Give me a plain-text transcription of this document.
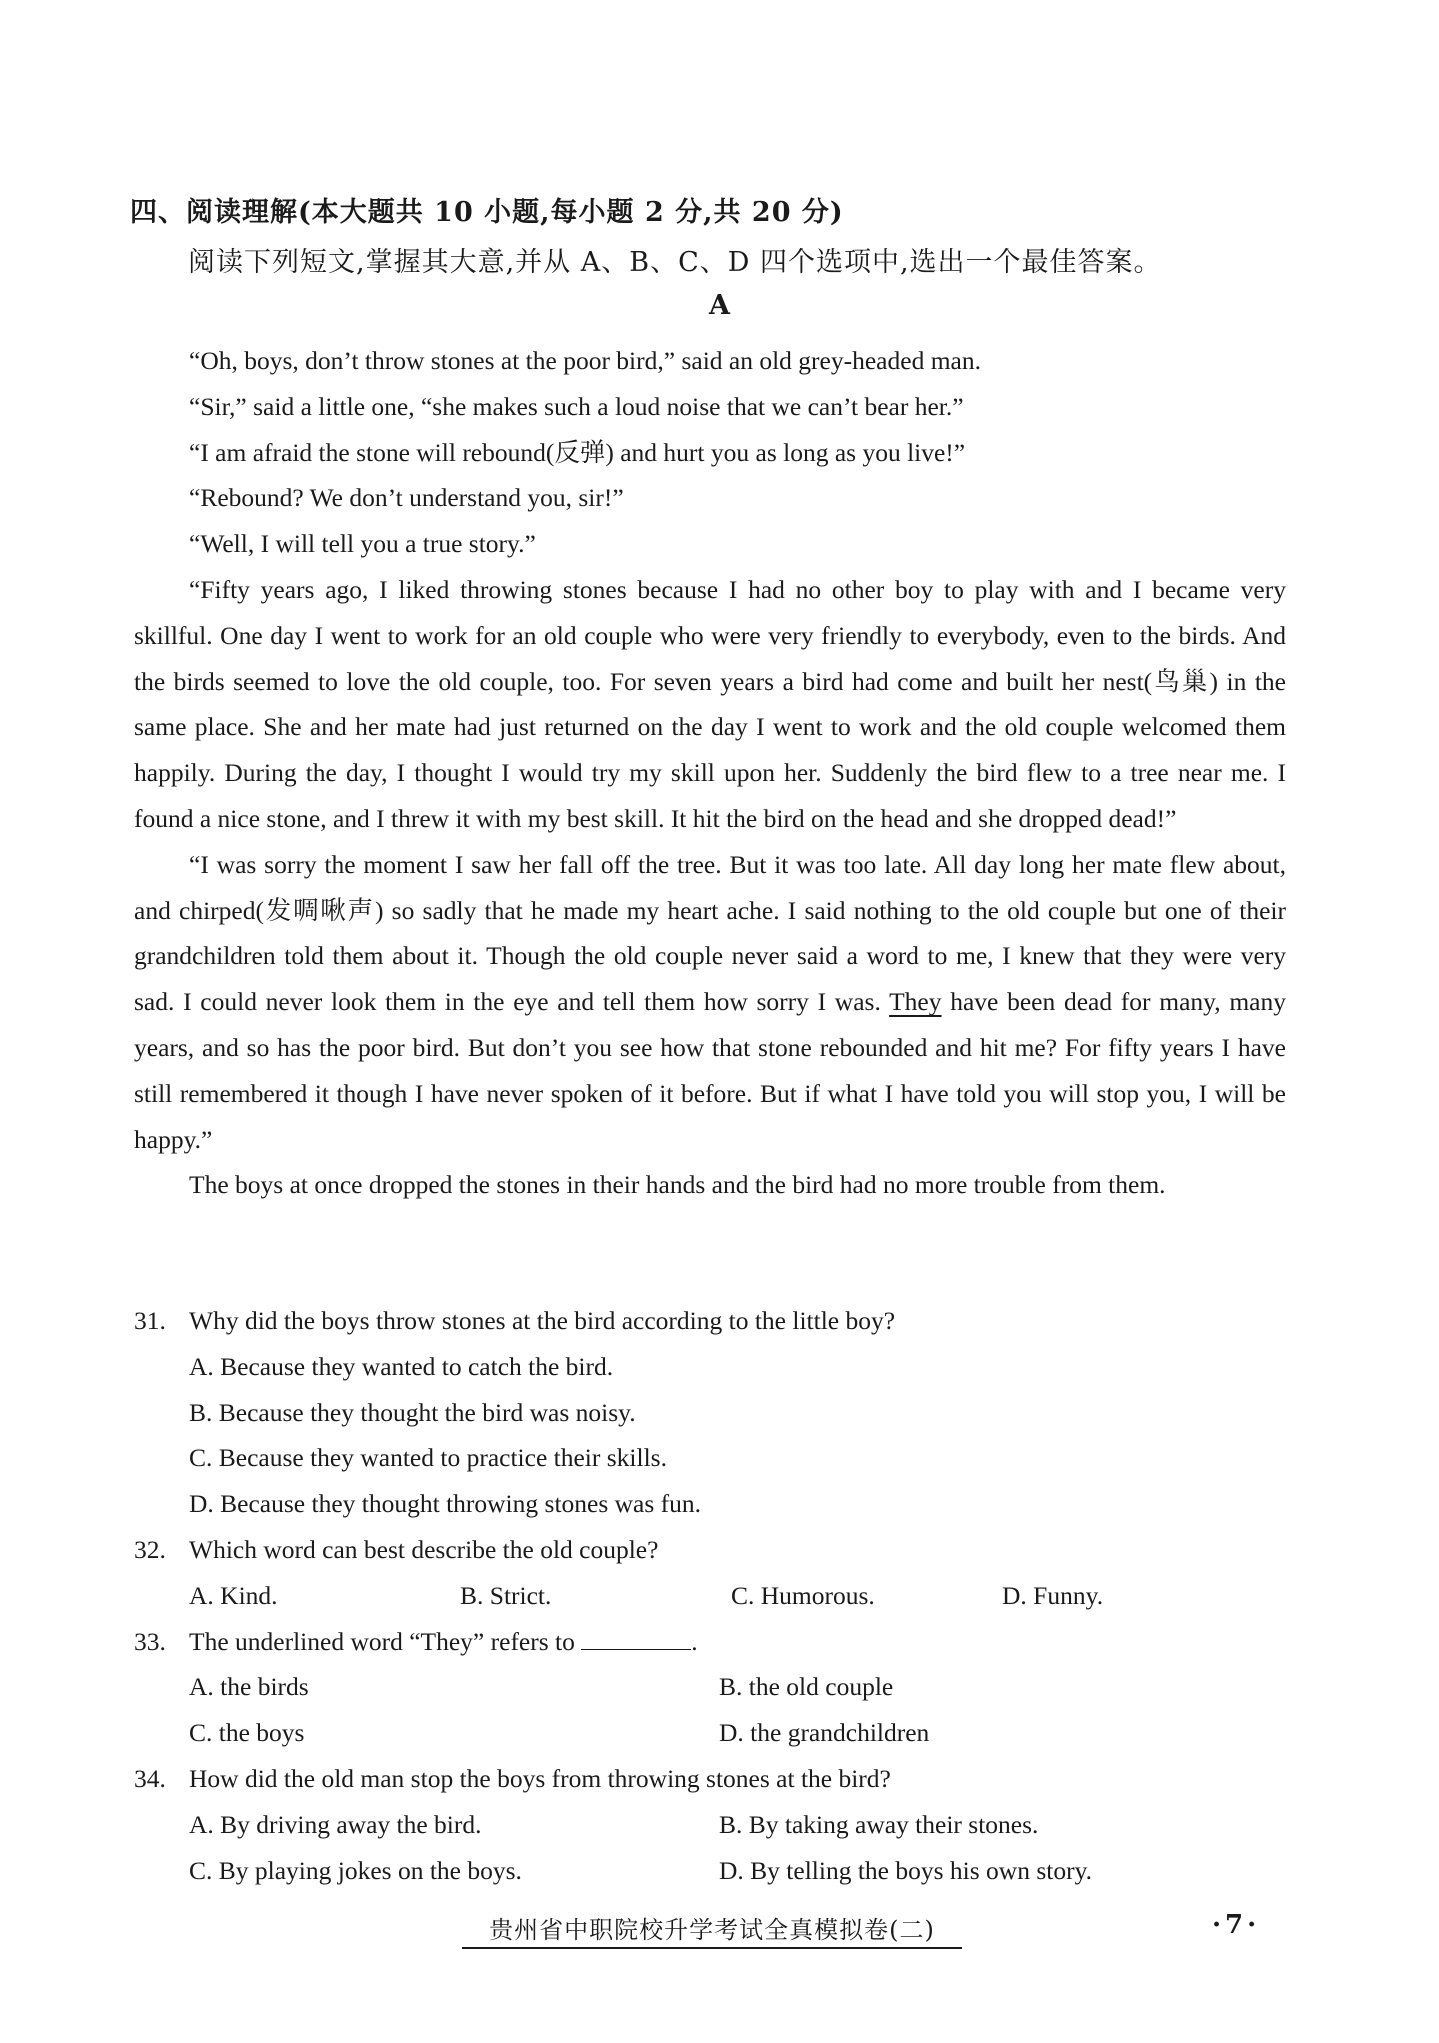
四、阅读理解(本大题共 10 小题,每小题 2 分,共 20 分)
阅读下列短文,掌握其大意,并从 A、B、C、D 四个选项中,选出一个最佳答案。
A

“Oh, boys, don’t throw stones at the poor bird,” said an old grey-headed man.

“Sir,” said a little one, “she makes such a loud noise that we can’t bear her.”

“I am afraid the stone will rebound(反弹) and hurt you as long as you live!”

“Rebound? We don’t understand you, sir!”

“Well, I will tell you a true story.”

“Fifty years ago, I liked throwing stones because I had no other boy to play with and I became very skillful. One day I went to work for an old couple who were very friendly to everybody, even to the birds. And the birds seemed to love the old couple, too. For seven years a bird had come and built her nest(鸟巢) in the same place. She and her mate had just returned on the day I went to work and the old couple welcomed them happily. During the day, I thought I would try my skill upon her. Suddenly the bird flew to a tree near me. I found a nice stone, and I threw it with my best skill. It hit the bird on the head and she dropped dead!”

“I was sorry the moment I saw her fall off the tree. But it was too late. All day long her mate flew about, and chirped(发啁啾声) so sadly that he made my heart ache. I said nothing to the old couple but one of their grandchildren told them about it. Though the old couple never said a word to me, I knew that they were very sad. I could never look them in the eye and tell them how sorry I was. They have been dead for many, many years, and so has the poor bird. But don’t you see how that stone rebounded and hit me? For fifty years I have still remembered it though I have never spoken of it before. But if what I have told you will stop you, I will be happy.”

The boys at once dropped the stones in their hands and the bird had no more trouble from them.

31. Why did the boys throw stones at the bird according to the little boy?
A. Because they wanted to catch the bird.
B. Because they thought the bird was noisy.
C. Because they wanted to practice their skills.
D. Because they thought throwing stones was fun.
32. Which word can best describe the old couple?
A. Kind.	B. Strict.	C. Humorous.	D. Funny.
33. The underlined word “They” refers to	.
A. the birds	B. the old couple
C. the boys	D. the grandchildren
34. How did the old man stop the boys from throwing stones at the bird?
A. By driving away the bird.	B. By taking away their stones.
C. By playing jokes on the boys.	D. By telling the boys his own story.
贵州省中职院校升学考试全真模拟卷(二)	·7·
